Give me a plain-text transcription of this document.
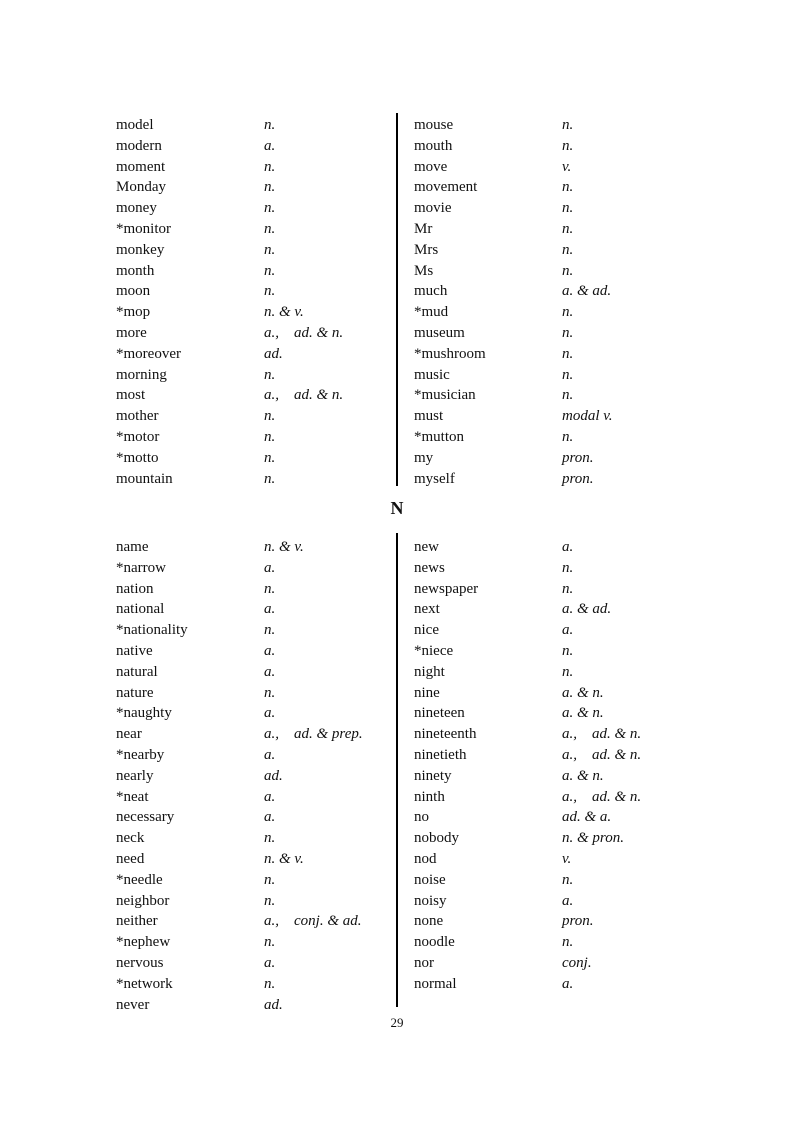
model	n.
modern	a.
moment	n.
Monday	n.
money	n.
*monitor	n.
monkey	n.
month	n.
moon	n.
*mop	n. & v.
more	a., ad. & n.
*moreover	ad.
morning	n.
most	a., ad. & n.
mother	n.
*motor	n.
*motto	n.
mountain	n.
mouse	n.
mouth	n.
move	v.
movement	n.
movie	n.
Mr	n.
Mrs	n.
Ms	n.
much	a. & ad.
*mud	n.
museum	n.
*mushroom	n.
music	n.
*musician	n.
must	modal v.
*mutton	n.
my	pron.
myself	pron.
N
name	n. & v.
*narrow	a.
nation	n.
national	a.
*nationality	n.
native	a.
natural	a.
nature	n.
*naughty	a.
near	a., ad. & prep.
*nearby	a.
nearly	ad.
*neat	a.
necessary	a.
neck	n.
need	n. & v.
*needle	n.
neighbor	n.
neither	a., conj. & ad.
*nephew	n.
nervous	a.
*network	n.
never	ad.
new	a.
news	n.
newspaper	n.
next	a. & ad.
nice	a.
*niece	n.
night	n.
nine	a. & n.
nineteen	a. & n.
nineteenth	a., ad. & n.
ninetieth	a., ad. & n.
ninety	a. & n.
ninth	a., ad. & n.
no	ad. & a.
nobody	n. & pron.
nod	v.
noise	n.
noisy	a.
none	pron.
noodle	n.
nor	conj.
normal	a.
29
